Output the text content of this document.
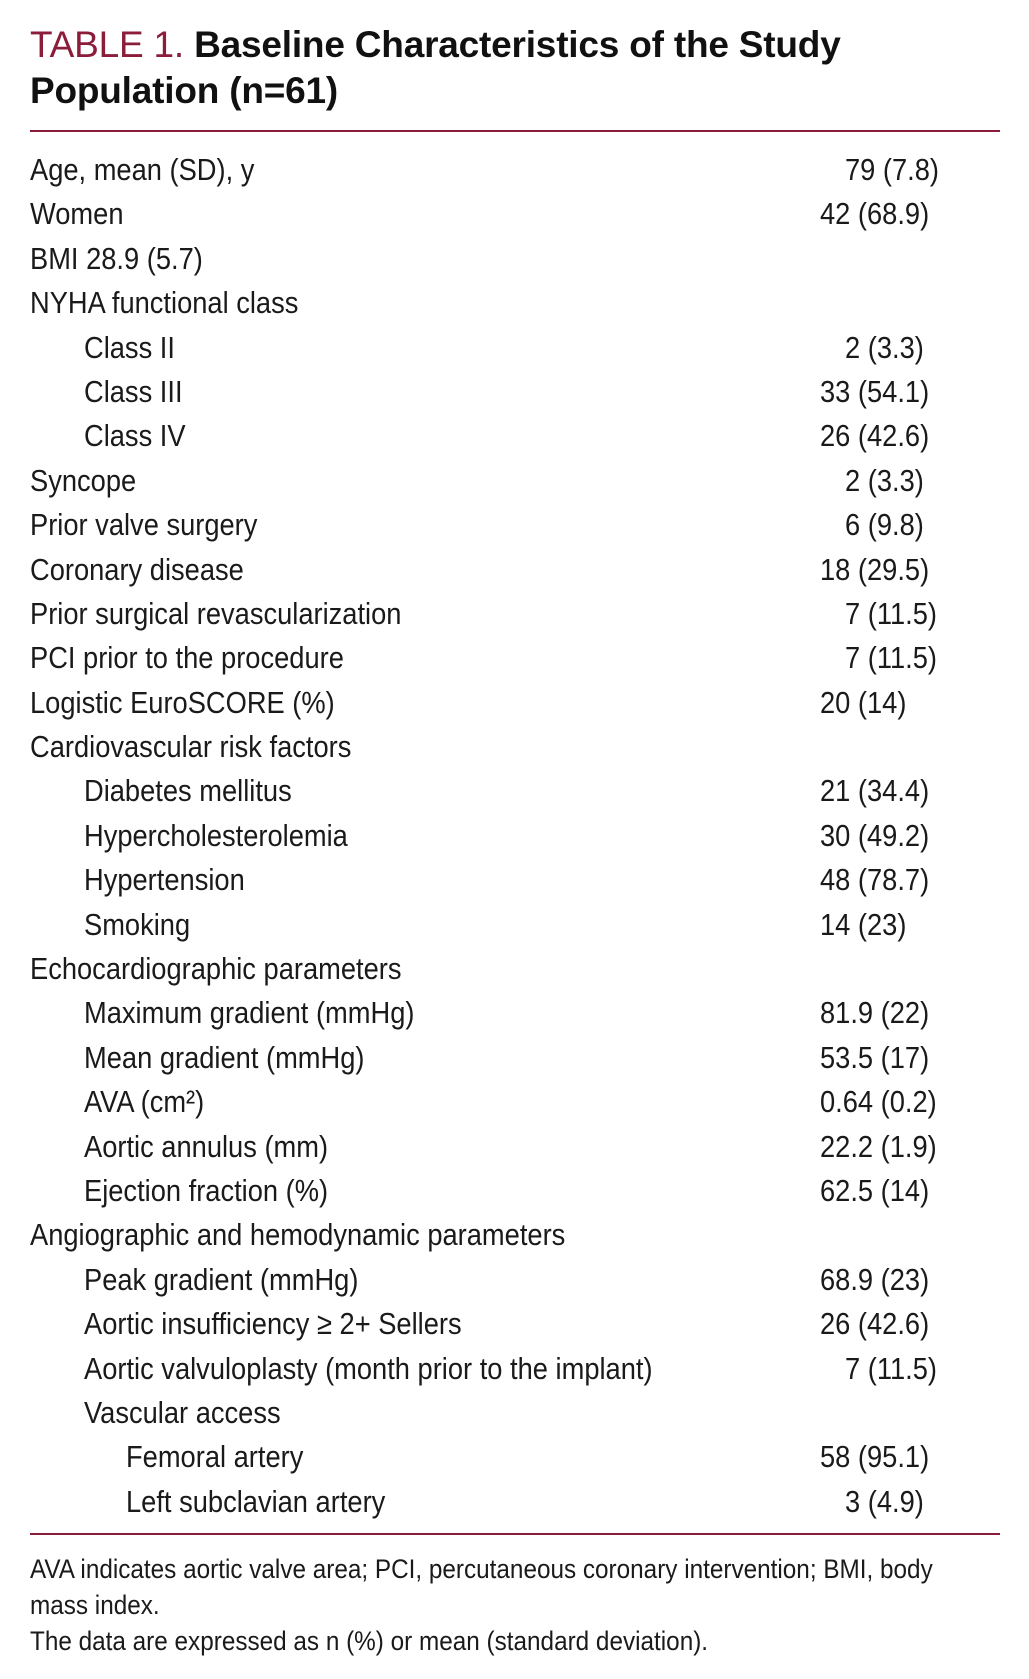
TABLE 1. Baseline Characteristics of the Study Population (n=61)
Age, mean (SD), y	79 (7.8)
Women	42 (68.9)
BMI 28.9 (5.7)
NYHA functional class
Class II	2 (3.3)
Class III	33 (54.1)
Class IV	26 (42.6)
Syncope	2 (3.3)
Prior valve surgery	6 (9.8)
Coronary disease	18 (29.5)
Prior surgical revascularization	7 (11.5)
PCI prior to the procedure	7 (11.5)
Logistic EuroSCORE (%)	20 (14)
Cardiovascular risk factors
Diabetes mellitus	21 (34.4)
Hypercholesterolemia	30 (49.2)
Hypertension	48 (78.7)
Smoking	14 (23)
Echocardiographic parameters
Maximum gradient (mmHg)	81.9 (22)
Mean gradient (mmHg)	53.5 (17)
AVA (cm²)	0.64 (0.2)
Aortic annulus (mm)	22.2 (1.9)
Ejection fraction (%)	62.5 (14)
Angiographic and hemodynamic parameters
Peak gradient (mmHg)	68.9 (23)
Aortic insufficiency ≥ 2+ Sellers	26 (42.6)
Aortic valvuloplasty (month prior to the implant)	7 (11.5)
Vascular access
Femoral artery	58 (95.1)
Left subclavian artery	3 (4.9)
AVA indicates aortic valve area; PCI, percutaneous coronary intervention; BMI, body mass index.
The data are expressed as n (%) or mean (standard deviation).
